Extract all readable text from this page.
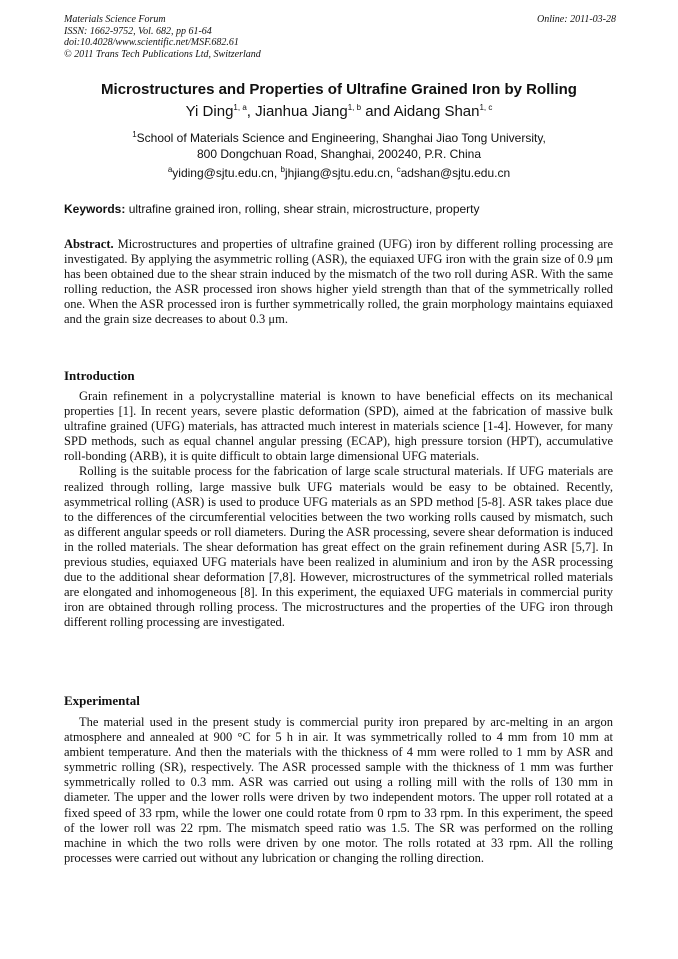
Materials Science Forum
ISSN: 1662-9752, Vol. 682, pp 61-64
doi:10.4028/www.scientific.net/MSF.682.61
© 2011 Trans Tech Publications Ltd, Switzerland
Online: 2011-03-28
Microstructures and Properties of Ultrafine Grained Iron by Rolling
Yi Ding$^{1, a}$, Jianhua Jiang$^{1, b}$ and Aidang Shan$^{1, c}$
$^1$School of Materials Science and Engineering, Shanghai Jiao Tong University,
800 Dongchuan Road, Shanghai, 200240, P.R. China
$^a$yiding@sjtu.edu.cn, $^b$jhjiang@sjtu.edu.cn, $^c$adshan@sjtu.edu.cn
Keywords: ultrafine grained iron, rolling, shear strain, microstructure, property
Abstract. Microstructures and properties of ultrafine grained (UFG) iron by different rolling processing are investigated. By applying the asymmetric rolling (ASR), the equiaxed UFG iron with the grain size of 0.9 μm has been obtained due to the shear strain induced by the mismatch of the two roll during ASR. With the same rolling reduction, the ASR processed iron shows higher yield strength than that of the symmetrically rolled one. When the ASR processed iron is further symmetrically rolled, the grain morphology maintains equiaxed and the grain size decreases to about 0.3 μm.
Introduction

Grain refinement in a polycrystalline material is known to have beneficial effects on its mechanical properties [1]. In recent years, severe plastic deformation (SPD), aimed at the fabrication of massive bulk ultrafine grained (UFG) materials, has attracted much interest in materials science [1-4]. However, for many SPD methods, such as equal channel angular pressing (ECAP), high pressure torsion (HPT), accumulative roll-bonding (ARB), it is quite difficult to obtain large dimensional UFG materials.

Rolling is the suitable process for the fabrication of large scale structural materials. If UFG materials are realized through rolling, large massive bulk UFG materials would be easy to be obtained. Recently, asymmetrical rolling (ASR) is used to produce UFG materials as an SPD method [5-8]. ASR takes place due to the differences of the circumferential velocities between the two working rolls caused by mismatch, such as different angular speeds or roll diameters. During the ASR processing, severe shear deformation is induced in the rolled materials. The shear deformation has great effect on the grain refinement during ASR [5,7]. In previous studies, equiaxed UFG materials have been realized in aluminium and iron by the ASR processing due to the additional shear deformation [7,8]. However, microstructures of the symmetrical rolled materials are elongated and inhomogeneous [8]. In this experiment, the equiaxed UFG materials in commercial purity iron are obtained through rolling process. The microstructures and the properties of the UFG iron through different rolling processing are investigated.

Experimental

The material used in the present study is commercial purity iron prepared by arc-melting in an argon atmosphere and annealed at 900 °C for 5 h in air. It was symmetrically rolled to 4 mm from 10 mm at ambient temperature. And then the materials with the thickness of 4 mm were rolled to 1 mm by ASR and symmetric rolling (SR), respectively. The ASR processed sample with the thickness of 1 mm was further symmetrically rolled to 0.3 mm. ASR was carried out using a rolling mill with the rolls of 130 mm in diameter. The upper and the lower rolls were driven by two independent motors. The upper roll rotated at a fixed speed of 33 rpm, while the lower one could rotate from 0 rpm to 33 rpm. In this experiment, the speed of the lower roll was 22 rpm. The mismatch speed ratio was 1.5. The SR was performed on the rolling machine in which the two rolls were driven by one motor. The rolls rotated at 33 rpm. All the rolling processes were carried out without any lubrication or changing the rolling direction.
